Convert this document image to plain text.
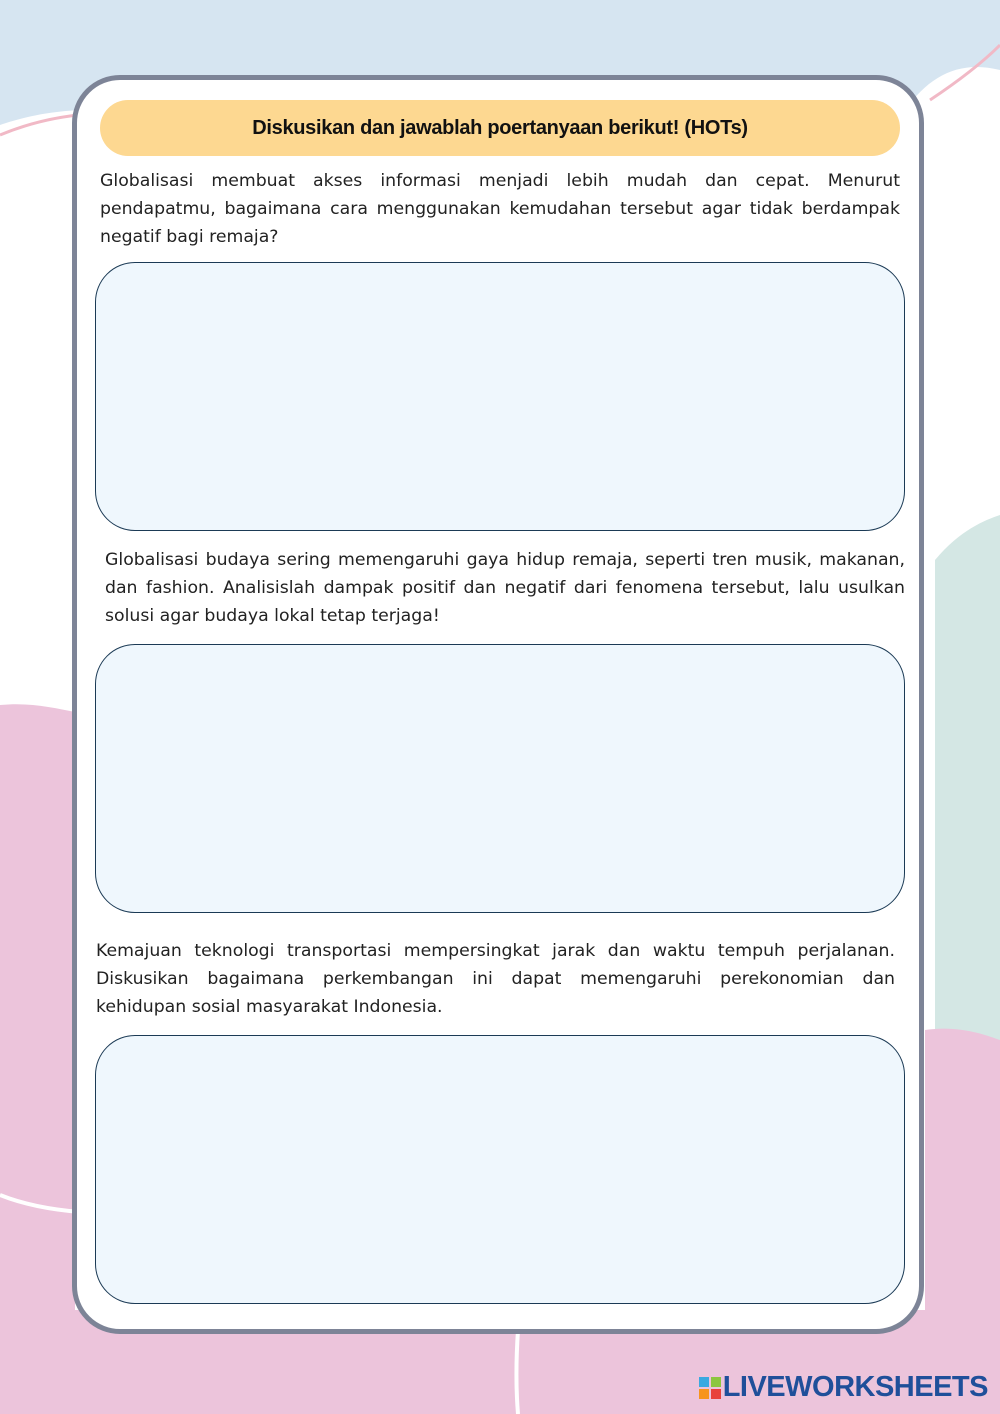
Diskusikan dan jawablah poertanyaan berikut! (HOTs)

Globalisasi membuat akses informasi menjadi lebih mudah dan cepat. Menurut pendapatmu, bagaimana cara menggunakan kemudahan tersebut agar tidak berdampak negatif bagi remaja?

Globalisasi budaya sering memengaruhi gaya hidup remaja, seperti tren musik, makanan, dan fashion. Analisislah dampak positif dan negatif dari fenomena tersebut, lalu usulkan solusi agar budaya lokal tetap terjaga!

Kemajuan teknologi transportasi mempersingkat jarak dan waktu tempuh perjalanan. Diskusikan bagaimana perkembangan ini dapat memengaruhi perekonomian dan kehidupan sosial masyarakat Indonesia.

LIVEWORKSHEETS
